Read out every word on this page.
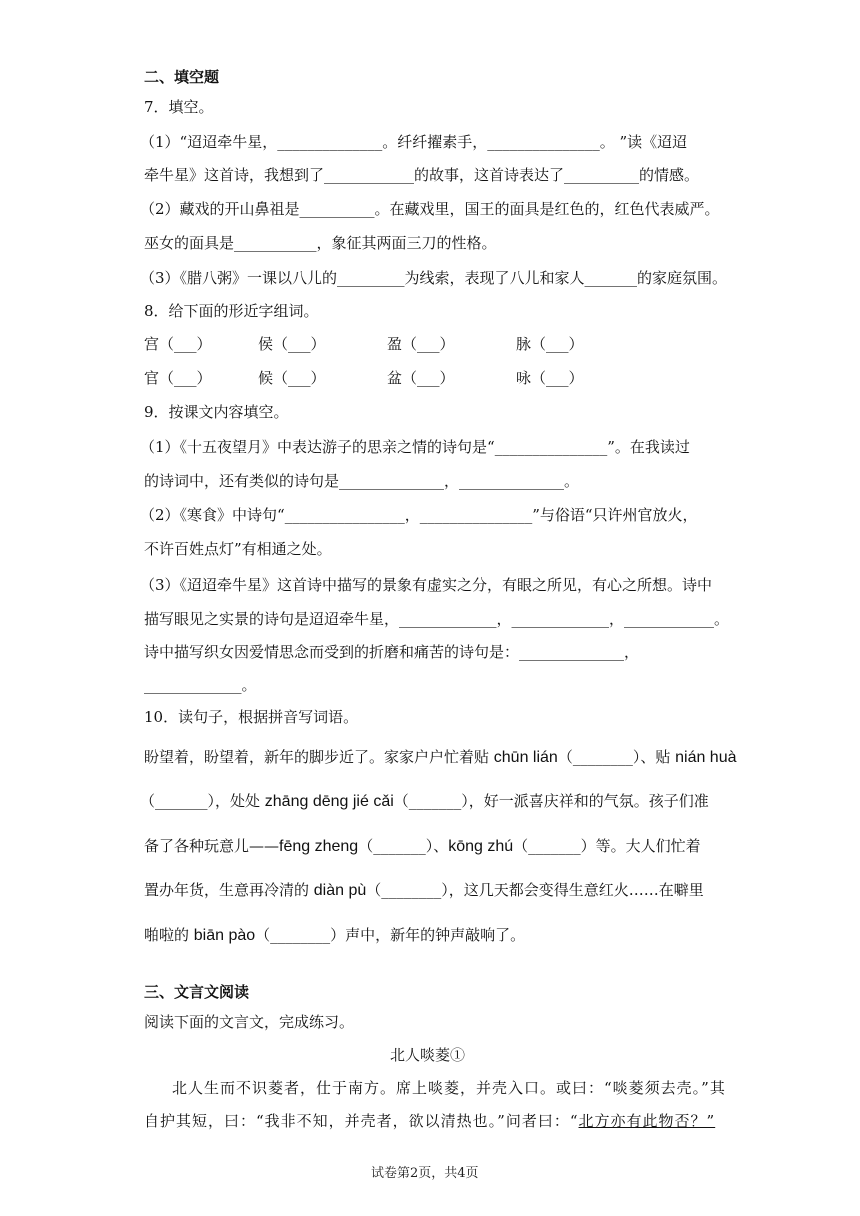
二、填空题
7．填空。
（1）“迢迢牵牛星，______________。纤纤擢素手，_______________。 ”读《迢迢
牵牛星》这首诗，我想到了____________的故事，这首诗表达了__________的情感。
（2）藏戏的开山鼻祖是__________。在藏戏里，国王的面具是红色的，红色代表威严。
巫女的面具是___________，象征其两面三刀的性格。
（3）《腊八粥》一课以八儿的_________为线索，表现了八儿和家人_______的家庭氛围。
8．给下面的形近字组词。
宫（___）	侯（___）	盈（___）	脉（___）
官（___）	候（___）	盆（___）	咏（___）
9．按课文内容填空。
（1）《十五夜望月》中表达游子的思亲之情的诗句是“_______________”。在我读过
的诗词中，还有类似的诗句是______________，______________。
（2）《寒食》中诗句“________________，_______________”与俗语“只许州官放火，
不许百姓点灯”有相通之处。
（3）《迢迢牵牛星》这首诗中描写的景象有虚实之分，有眼之所见，有心之所想。诗中
描写眼见之实景的诗句是迢迢牵牛星，_____________，_____________，____________。
诗中描写织女因爱情思念而受到的折磨和痛苦的诗句是：______________，
_____________。
10．读句子，根据拼音写词语。
盼望着，盼望着，新年的脚步近了。家家户户忙着贴 chūn lián（________）、贴 nián huà
（_______），处处 zhāng dēng jié cǎi（_______），好一派喜庆祥和的气氛。孩子们准
备了各种玩意儿——fēng zheng（_______）、kōng zhú（_______）等。大人们忙着
置办年货，生意再冷清的 diàn pù（________），这几天都会变得生意红火……在噼里
啪啦的 biān pào（________）声中，新年的钟声敲响了。
三、文言文阅读
阅读下面的文言文，完成练习。
北人啖菱①
北人生而不识菱者，仕于南方。席上啖菱，并壳入口。或曰：“啖菱须去壳。”其
自护其短，曰：“我非不知，并壳者，欲以清热也。”问者曰：“北方亦有此物否？”
试卷第2页，共4页
